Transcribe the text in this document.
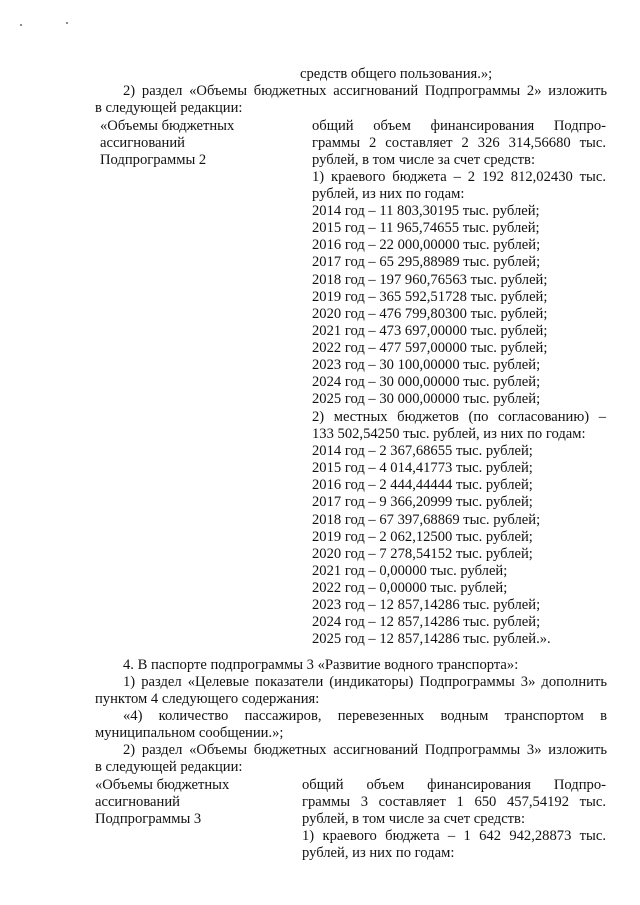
средств общего пользования.»;
2) раздел «Объемы бюджетных ассигнований Подпрограммы 2» изложить
в следующей редакции:
«Объемы бюджетных
ассигнований
Подпрограммы 2
общий объем финансирования Подпро-
граммы 2 составляет 2 326 314,56680 тыс.
рублей, в том числе за счет средств:
1) краевого бюджета – 2 192 812,02430 тыс.
рублей, из них по годам:
2014 год – 11 803,30195 тыс. рублей;
2015 год – 11 965,74655 тыс. рублей;
2016 год – 22 000,00000 тыс. рублей;
2017 год – 65 295,88989 тыс. рублей;
2018 год – 197 960,76563 тыс. рублей;
2019 год – 365 592,51728 тыс. рублей;
2020 год – 476 799,80300 тыс. рублей;
2021 год – 473 697,00000 тыс. рублей;
2022 год – 477 597,00000 тыс. рублей;
2023 год – 30 100,00000 тыс. рублей;
2024 год – 30 000,00000 тыс. рублей;
2025 год – 30 000,00000 тыс. рублей;
2) местных бюджетов (по согласованию) –
133 502,54250 тыс. рублей, из них по годам:
2014 год – 2 367,68655 тыс. рублей;
2015 год – 4 014,41773 тыс. рублей;
2016 год – 2 444,44444 тыс. рублей;
2017 год – 9 366,20999 тыс. рублей;
2018 год – 67 397,68869 тыс. рублей;
2019 год – 2 062,12500 тыс. рублей;
2020 год – 7 278,54152 тыс. рублей;
2021 год – 0,00000 тыс. рублей;
2022 год – 0,00000 тыс. рублей;
2023 год – 12 857,14286 тыс. рублей;
2024 год – 12 857,14286 тыс. рублей;
2025 год – 12 857,14286 тыс. рублей.».
4. В паспорте подпрограммы 3 «Развитие водного транспорта»:
1) раздел «Целевые показатели (индикаторы) Подпрограммы 3» дополнить
пунктом 4 следующего содержания:
«4) количество пассажиров, перевезенных водным транспортом в
муниципальном сообщении.»;
2) раздел «Объемы бюджетных ассигнований Подпрограммы 3» изложить
в следующей редакции:
«Объемы бюджетных
ассигнований
Подпрограммы 3
общий объем финансирования Подпро-
граммы 3 составляет 1 650 457,54192 тыс.
рублей, в том числе за счет средств:
1) краевого бюджета – 1 642 942,28873 тыс.
рублей, из них по годам:
